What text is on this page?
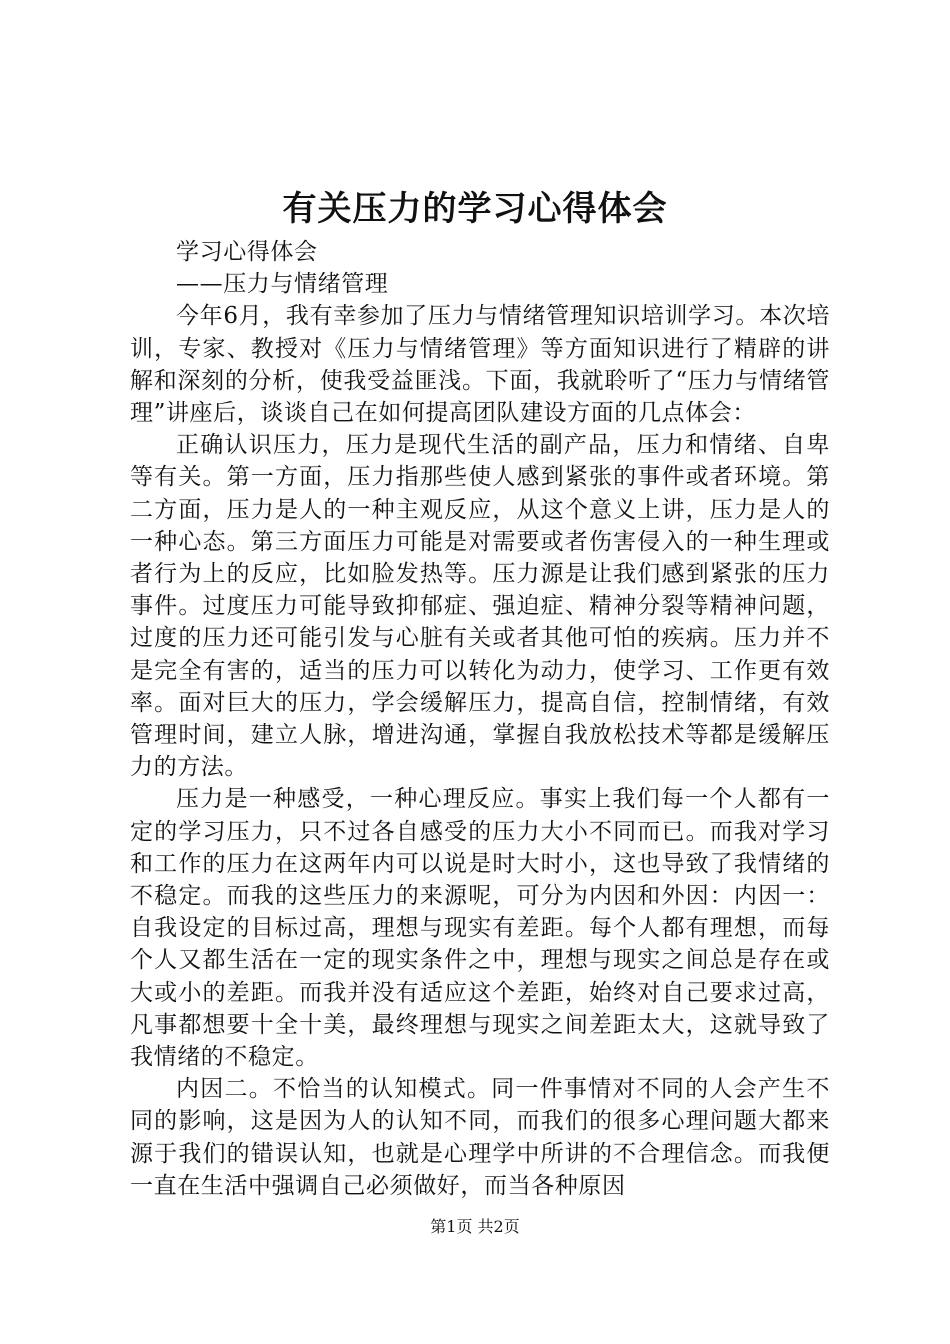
有关压力的学习心得体会

学习心得体会

——压力与情绪管理

今年6月，我有幸参加了压力与情绪管理知识培训学习。本次培训，专家、教授对《压力与情绪管理》等方面知识进行了精辟的讲解和深刻的分析，使我受益匪浅。下面，我就聆听了“压力与情绪管理”讲座后，谈谈自己在如何提高团队建设方面的几点体会：

正确认识压力，压力是现代生活的副产品，压力和情绪、自卑等有关。第一方面，压力指那些使人感到紧张的事件或者环境。第二方面，压力是人的一种主观反应，从这个意义上讲，压力是人的一种心态。第三方面压力可能是对需要或者伤害侵入的一种生理或者行为上的反应，比如脸发热等。压力源是让我们感到紧张的压力事件。过度压力可能导致抑郁症、强迫症、精神分裂等精神问题，过度的压力还可能引发与心脏有关或者其他可怕的疾病。压力并不是完全有害的，适当的压力可以转化为动力，使学习、工作更有效率。面对巨大的压力，学会缓解压力，提高自信，控制情绪，有效管理时间，建立人脉，增进沟通，掌握自我放松技术等都是缓解压力的方法。

压力是一种感受，一种心理反应。事实上我们每一个人都有一定的学习压力，只不过各自感受的压力大小不同而已。而我对学习和工作的压力在这两年内可以说是时大时小，这也导致了我情绪的不稳定。而我的这些压力的来源呢，可分为内因和外因：内因一：自我设定的目标过高，理想与现实有差距。每个人都有理想，而每个人又都生活在一定的现实条件之中，理想与现实之间总是存在或大或小的差距。而我并没有适应这个差距，始终对自己要求过高，凡事都想要十全十美，最终理想与现实之间差距太大，这就导致了我情绪的不稳定。

内因二。不恰当的认知模式。同一件事情对不同的人会产生不同的影响，这是因为人的认知不同，而我们的很多心理问题大都来源于我们的错误认知，也就是心理学中所讲的不合理信念。而我便一直在生活中强调自己必须做好，而当各种原因

第1页 共2页
